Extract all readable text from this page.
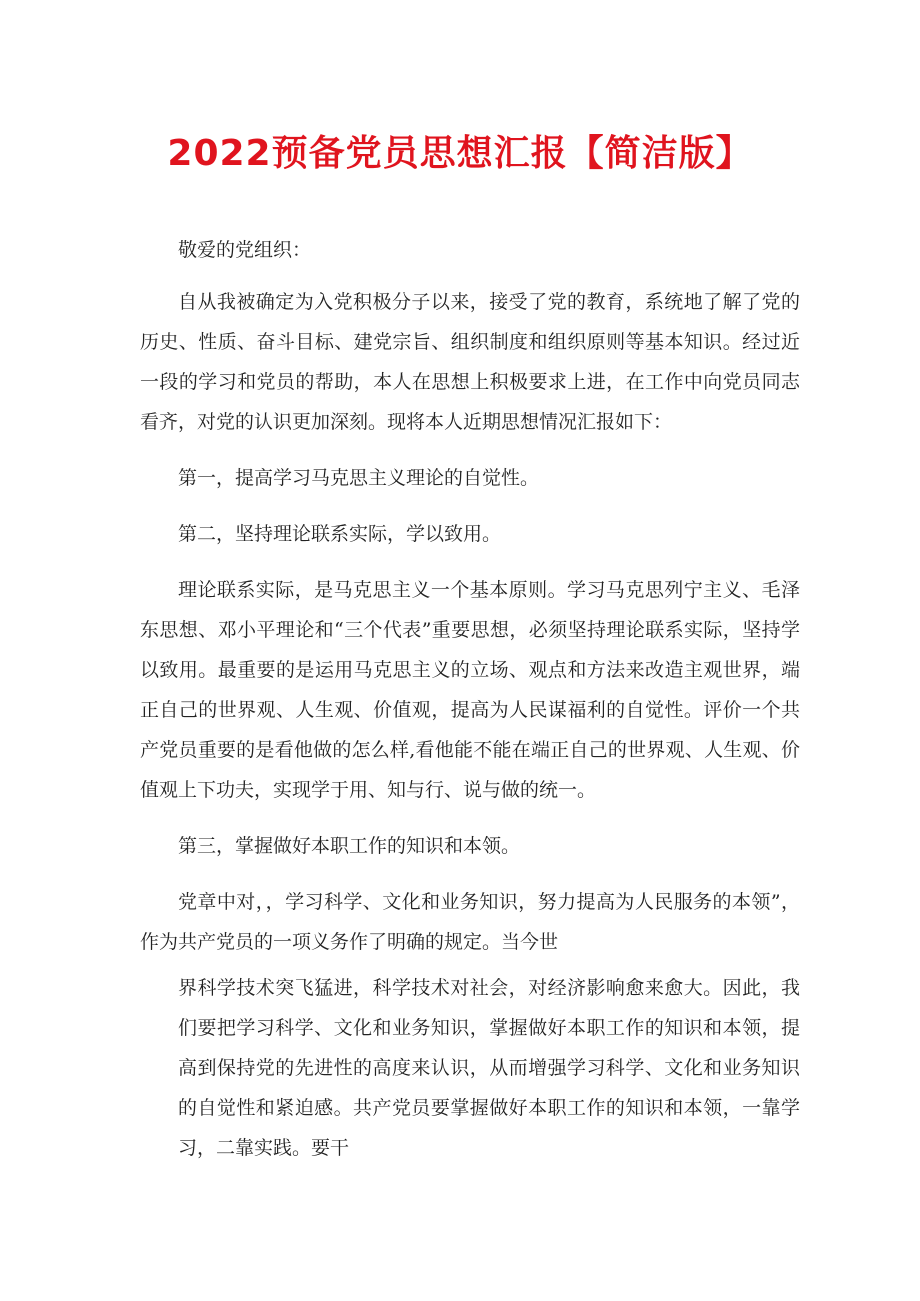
2022预备党员思想汇报【简洁版】

敬爱的党组织：

自从我被确定为入党积极分子以来，接受了党的教育，系统地了解了党的历史、性质、奋斗目标、建党宗旨、组织制度和组织原则等基本知识。经过近一段的学习和党员的帮助，本人在思想上积极要求上进，在工作中向党员同志看齐，对党的认识更加深刻。现将本人近期思想情况汇报如下：

第一，提高学习马克思主义理论的自觉性。

第二，坚持理论联系实际，学以致用。

理论联系实际，是马克思主义一个基本原则。学习马克思列宁主义、毛泽东思想、邓小平理论和“三个代表”重要思想，必须坚持理论联系实际，坚持学以致用。最重要的是运用马克思主义的立场、观点和方法来改造主观世界，端正自己的世界观、人生观、价值观，提高为人民谋福利的自觉性。评价一个共产党员重要的是看他做的怎么样,看他能不能在端正自己的世界观、人生观、价值观上下功夫，实现学于用、知与行、说与做的统一。

第三，掌握做好本职工作的知识和本领。

党章中对，，学习科学、文化和业务知识，努力提高为人民服务的本领”，作为共产党员的一项义务作了明确的规定。当今世

界科学技术突飞猛进，科学技术对社会，对经济影响愈来愈大。因此，我们要把学习科学、文化和业务知识，掌握做好本职工作的知识和本领，提高到保持党的先进性的高度来认识，从而增强学习科学、文化和业务知识的自觉性和紧迫感。共产党员要掌握做好本职工作的知识和本领，一靠学习，二靠实践。要干
